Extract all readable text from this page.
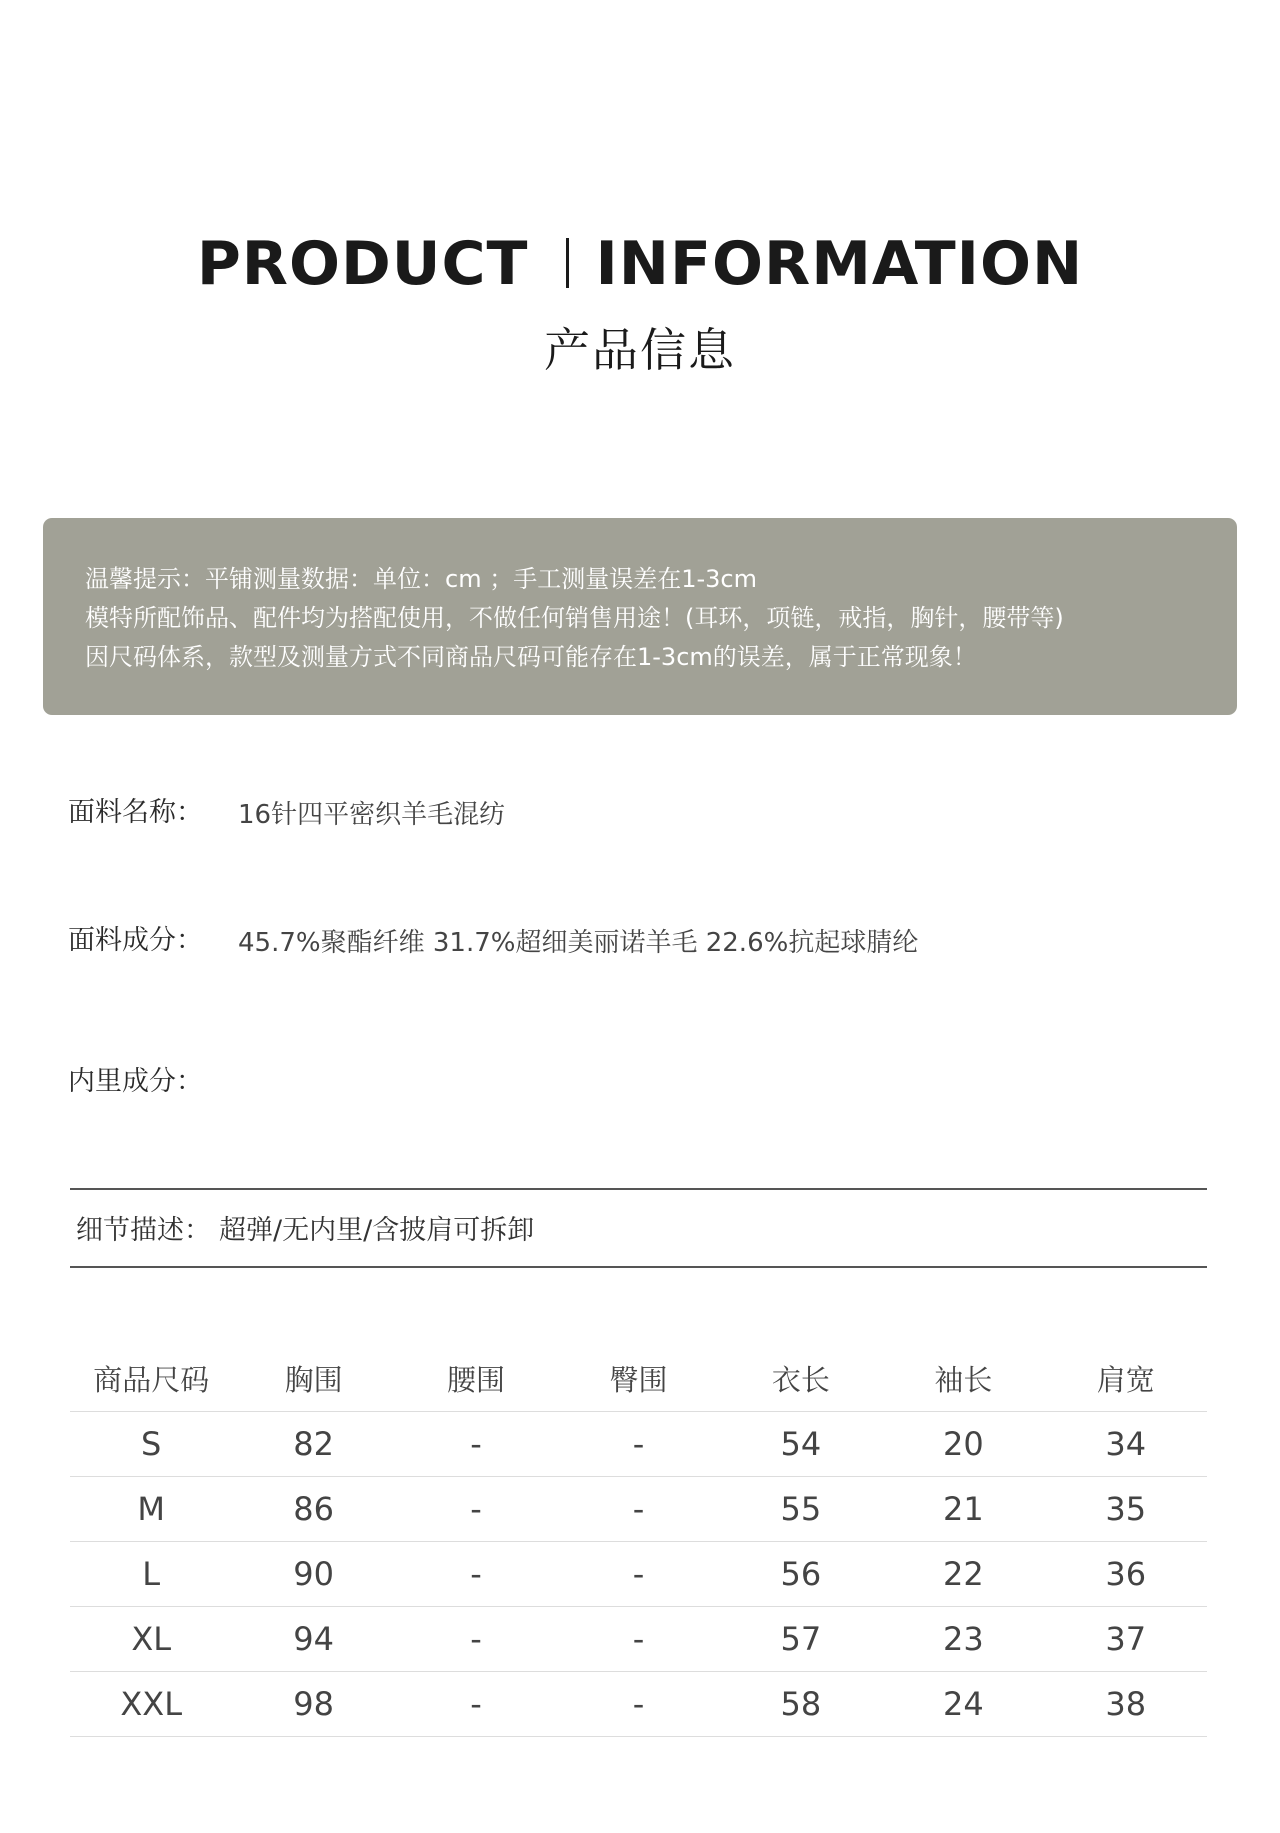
PRODUCT INFORMATION
产品信息
温馨提示：平铺测量数据：单位：cm ；手工测量误差在1-3cm
模特所配饰品、配件均为搭配使用，不做任何销售用途！(耳环，项链，戒指，胸针，腰带等)
因尺码体系，款型及测量方式不同商品尺码可能存在1-3cm的误差，属于正常现象！
面料名称： 16针四平密织羊毛混纺
面料成分： 45.7%聚酯纤维 31.7%超细美丽诺羊毛 22.6%抗起球腈纶
内里成分：
细节描述： 超弹/无内里/含披肩可拆卸
商品尺码	胸围	腰围	臀围	衣长	袖长	肩宽
S	82	-	-	54	20	34
M	86	-	-	55	21	35
L	90	-	-	56	22	36
XL	94	-	-	57	23	37
XXL	98	-	-	58	24	38
